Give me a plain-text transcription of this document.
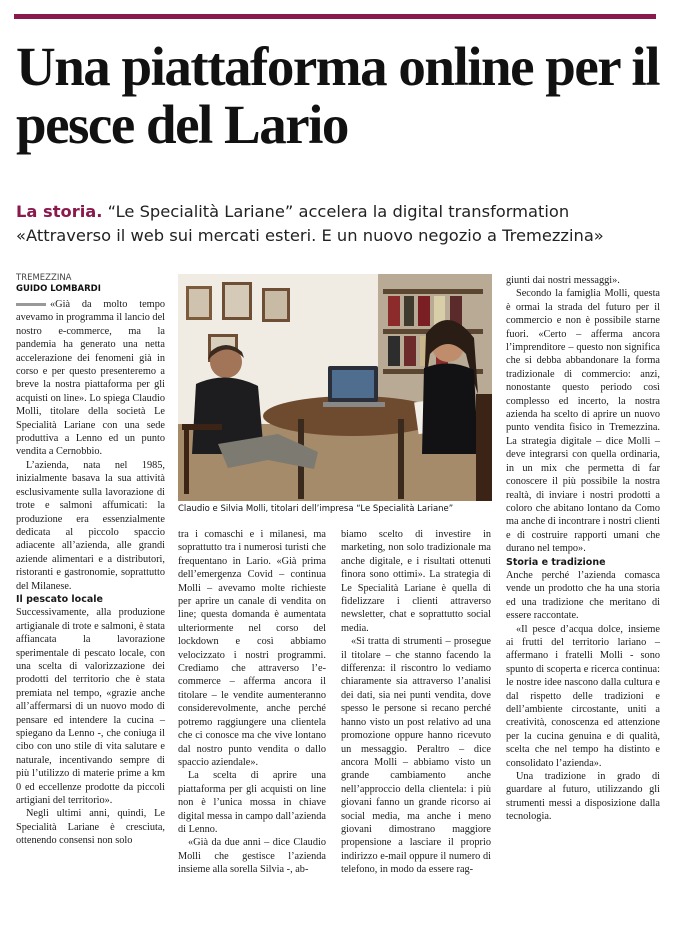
Una piattaforma online per il pesce del Lario
La storia. “Le Specialità Lariane” accelera la digital transformation «Attraverso il web sui mercati esteri. E un nuovo negozio a Tremezzina»
TREMEZZINA
GUIDO LOMBARDI

«Già da molto tempo avevamo in programma il lancio del nostro e-commerce, ma la pandemia ha generato una netta accelerazione dei fenomeni già in corso e per questo presenteremo a breve la nostra piattaforma per gli acquisti on line». Lo spiega Claudio Molli, titolare della società Le Specialità Lariane con una sede produttiva a Lenno ed un punto vendita a Cernobbio.

L’azienda, nata nel 1985, inizialmente basava la sua attività esclusivamente sulla lavorazione di trote e salmoni affumicati: la produzione era essenzialmente dedicata al piccolo spaccio adiacente all’azienda, alle grandi aziende alimentari e a distributori, ristoranti e gastronomie, soprattutto del Milanese.

Il pescato locale

Successivamente, alla produzione artigianale di trote e salmoni, è stata affiancata la lavorazione sperimentale di pescato locale, con una scelta di valorizzazione dei prodotti del territorio che è stata premiata nel tempo, «grazie anche all’affermarsi di un nuovo modo di pensare ed intendere la cucina – spiegano da Lenno -, che coniuga il cibo con uno stile di vita salutare e naturale, incentivando sempre di più l’utilizzo di materie prime a km 0 ed eccellenze prodotte da piccoli artigiani del territorio».

Negli ultimi anni, quindi, Le Specialità Lariane è cresciuta, ottenendo consensi non solo

Claudio e Silvia Molli, titolari dell’impresa “Le Specialità Lariane”

tra i comaschi e i milanesi, ma soprattutto tra i numerosi turisti che frequentano in Lario. «Già prima dell’emergenza Covid – continua Molli – avevamo molte richieste per aprire un canale di vendita on line; questa domanda è aumentata ulteriormente nel corso del lockdown e così abbiamo velocizzato i nostri programmi. Crediamo che attraverso l’e-commerce – afferma ancora il titolare – le vendite aumenteranno considerevolmente, anche perché potremo raggiungere una clientela che ci conosce ma che vive lontano dal nostro punto vendita o dallo spaccio aziendale».

La scelta di aprire una piattaforma per gli acquisti on line non è l’unica mossa in chiave digital messa in campo dall’azienda di Lenno.

«Già da due anni – dice Claudio Molli che gestisce l’azienda insieme alla sorella Silvia -, ab-

biamo scelto di investire in marketing, non solo tradizionale ma anche digitale, e i risultati ottenuti finora sono ottimi». La strategia di Le Specialità Lariane è quella di fidelizzare i clienti attraverso newsletter, chat e soprattutto social media.

«Si tratta di strumenti – prosegue il titolare – che stanno facendo la differenza: il riscontro lo vediamo chiaramente sia attraverso l’analisi dei dati, sia nei punti vendita, dove spesso le persone si recano perché hanno visto un post relativo ad una promozione oppure hanno ricevuto un messaggio. Peraltro – dice ancora Molli – abbiamo visto un grande cambiamento anche nell’approccio della clientela: i più giovani fanno un grande ricorso ai social media, ma anche i meno giovani dimostrano maggiore propensione a lasciare il proprio indirizzo e-mail oppure il numero di telefono, in modo da essere rag-

giunti dai nostri messaggi».

Secondo la famiglia Molli, questa è ormai la strada del futuro per il commercio e non è possibile starne fuori. «Certo – afferma ancora l’imprenditore – questo non significa che si debba abbandonare la forma tradizionale di commercio: anzi, nonostante questo periodo così complesso ed incerto, la nostra azienda ha scelto di aprire un nuovo punto vendita fisico in Tremezzina. La strategia digitale – dice Molli – deve integrarsi con quella ordinaria, in un mix che permetta di far conoscere il più possibile la nostra realtà, di inviare i nostri prodotti a coloro che abitano lontano da Como ma anche di incontrare i nostri clienti e di costruire rapporti umani che durano nel tempo».

Storia e tradizione

Anche perché l’azienda comasca vende un prodotto che ha una storia ed una tradizione che meritano di essere raccontate.

«Il pesce d’acqua dolce, insieme ai frutti del territorio lariano – affermano i fratelli Molli - sono spunto di scoperta e ricerca continua: le nostre idee nascono dalla cultura e dal rispetto delle tradizioni e dell’ambiente circostante, uniti a creatività, conoscenza ed attenzione per la cucina genuina e di qualità, scelta che nel tempo ha distinto e consolidato l’azienda».

Una tradizione in grado di guardare al futuro, utilizzando gli strumenti messi a disposizione dalla tecnologia.
